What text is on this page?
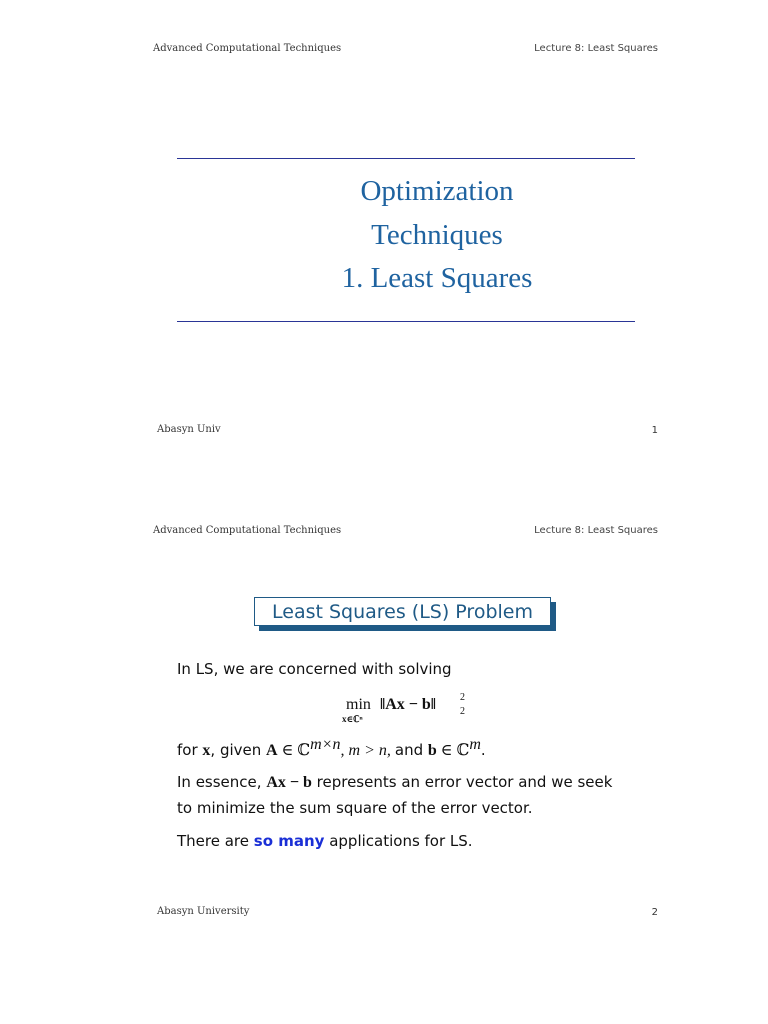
Advanced Computational Techniques	Lecture 8: Least Squares
Optimization
Techniques
1. Least Squares
Abasyn Univ	1
Advanced Computational Techniques	Lecture 8: Least Squares
Least Squares (LS) Problem
In LS, we are concerned with solving
min
x∈ℂⁿ
‖Ax − b‖ 2
2
for x, given A ∈ ℂ$^{m\times n}$, m > n, and b ∈ ℂ$^m$.
In essence, Ax − b represents an error vector and we seek
to minimize the sum square of the error vector.
There are so many applications for LS.
Abasyn University	2
